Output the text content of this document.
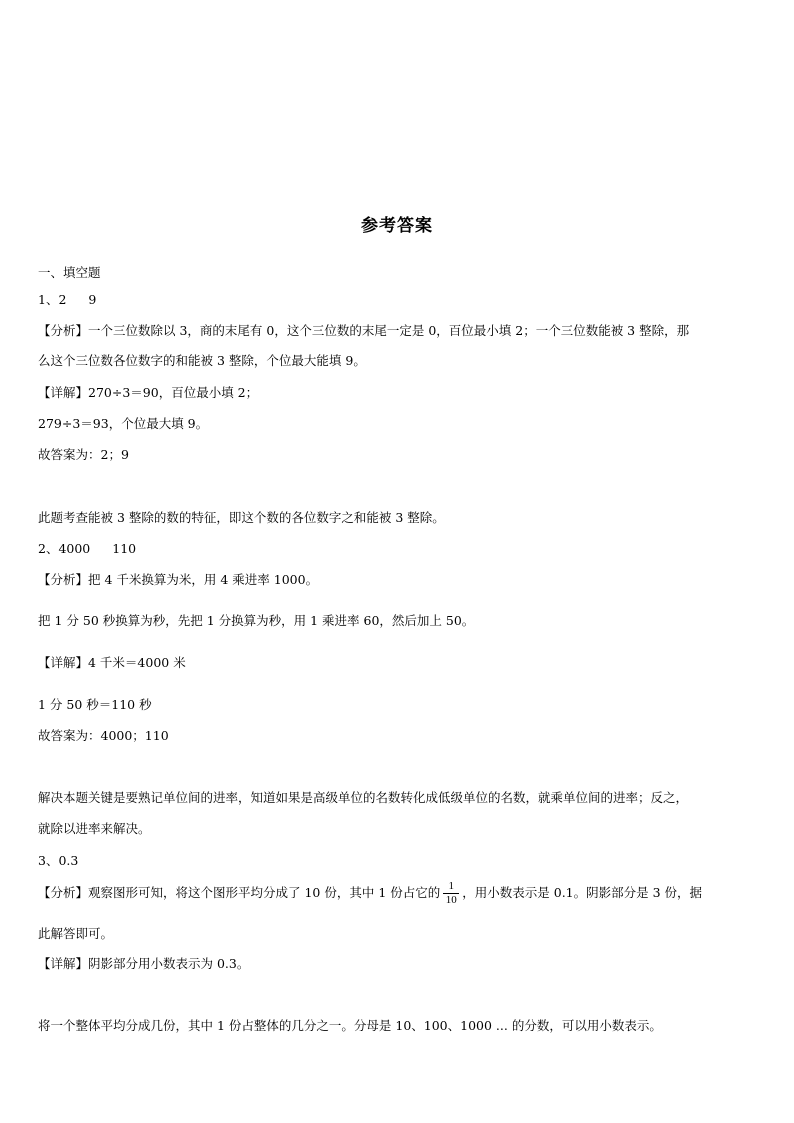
参考答案
一、填空题
1、2 9
【分析】一个三位数除以 3，商的末尾有 0，这个三位数的末尾一定是 0，百位最小填 2；一个三位数能被 3 整除，那
么这个三位数各位数字的和能被 3 整除，个位最大能填 9。
【详解】270÷3＝90，百位最小填 2；
279÷3＝93，个位最大填 9。
故答案为：2；9
此题考查能被 3 整除的数的特征，即这个数的各位数字之和能被 3 整除。
2、4000 110
【分析】把 4 千米换算为米，用 4 乘进率 1000。
把 1 分 50 秒换算为秒，先把 1 分换算为秒，用 1 乘进率 60，然后加上 50。
【详解】4 千米＝4000 米
1 分 50 秒＝110 秒
故答案为：4000；110
解决本题关键是要熟记单位间的进率，知道如果是高级单位的名数转化成低级单位的名数，就乘单位间的进率；反之，
就除以进率来解决。
3、0.3
【分析】观察图形可知，将这个图形平均分成了 10 份，其中 1 份占它的 $\frac{1}{10}$ ，用小数表示是 0.1。阴影部分是 3 份，据
此解答即可。
【详解】阴影部分用小数表示为 0.3。
将一个整体平均分成几份，其中 1 份占整体的几分之一。分母是 10、100、1000 ... 的分数，可以用小数表示。
